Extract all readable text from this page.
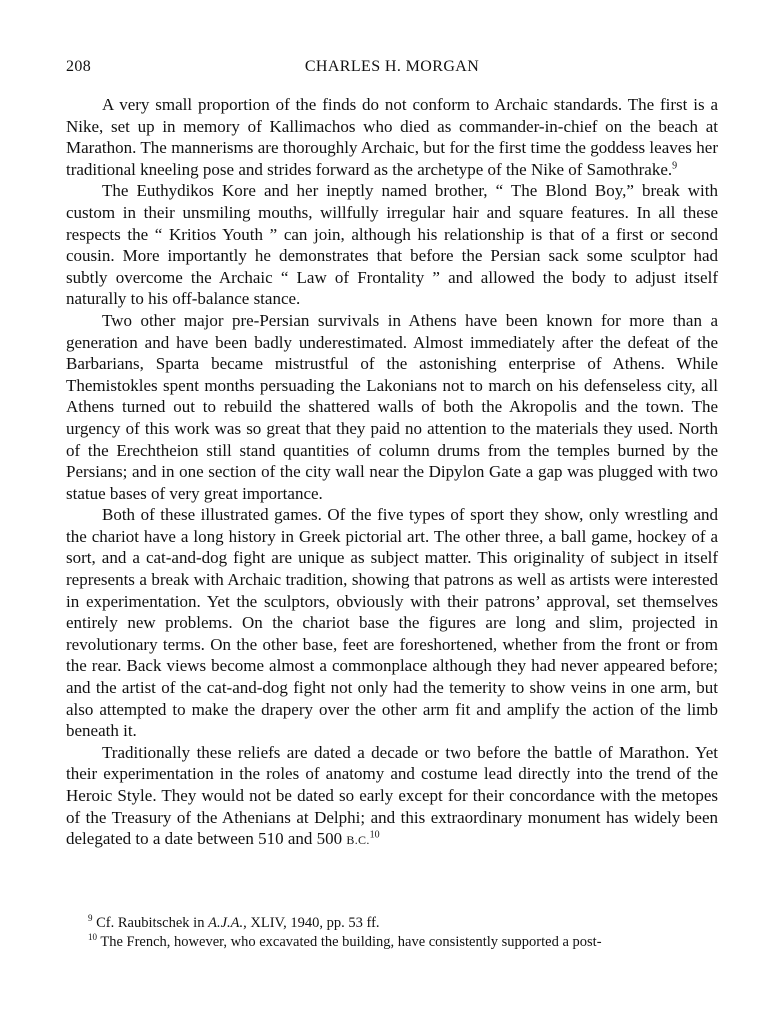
208	CHARLES H. MORGAN

A very small proportion of the finds do not conform to Archaic standards. The first is a Nike, set up in memory of Kallimachos who died as commander-in-chief on the beach at Marathon. The mannerisms are thoroughly Archaic, but for the first time the goddess leaves her traditional kneeling pose and strides forward as the archetype of the Nike of Samothrake.$^9$

The Euthydikos Kore and her ineptly named brother, “ The Blond Boy,” break with custom in their unsmiling mouths, willfully irregular hair and square features. In all these respects the “ Kritios Youth ” can join, although his relationship is that of a first or second cousin. More importantly he demonstrates that before the Persian sack some sculptor had subtly overcome the Archaic “ Law of Frontality ” and allowed the body to adjust itself naturally to his off-balance stance.

Two other major pre-Persian survivals in Athens have been known for more than a generation and have been badly underestimated. Almost immediately after the defeat of the Barbarians, Sparta became mistrustful of the astonishing enterprise of Athens. While Themistokles spent months persuading the Lakonians not to march on his defenseless city, all Athens turned out to rebuild the shattered walls of both the Akropolis and the town. The urgency of this work was so great that they paid no attention to the materials they used. North of the Erechtheion still stand quantities of column drums from the temples burned by the Persians; and in one section of the city wall near the Dipylon Gate a gap was plugged with two statue bases of very great importance.

Both of these illustrated games. Of the five types of sport they show, only wrestling and the chariot have a long history in Greek pictorial art. The other three, a ball game, hockey of a sort, and a cat-and-dog fight are unique as subject matter. This originality of subject in itself represents a break with Archaic tradition, showing that patrons as well as artists were interested in experimentation. Yet the sculptors, obviously with their patrons’ approval, set themselves entirely new problems. On the chariot base the figures are long and slim, projected in revolutionary terms. On the other base, feet are foreshortened, whether from the front or from the rear. Back views become almost a commonplace although they had never appeared before; and the artist of the cat-and-dog fight not only had the temerity to show veins in one arm, but also attempted to make the drapery over the other arm fit and amplify the action of the limb beneath it.

Traditionally these reliefs are dated a decade or two before the battle of Marathon. Yet their experimentation in the roles of anatomy and costume lead directly into the trend of the Heroic Style. They would not be dated so early except for their concordance with the metopes of the Treasury of the Athenians at Delphi; and this extraordinary monument has widely been delegated to a date between 510 and 500 B.C.$^{10}$

$^9$ Cf. Raubitschek in A.J.A., XLIV, 1940, pp. 53 ff.

$^{10}$ The French, however, who excavated the building, have consistently supported a post-
